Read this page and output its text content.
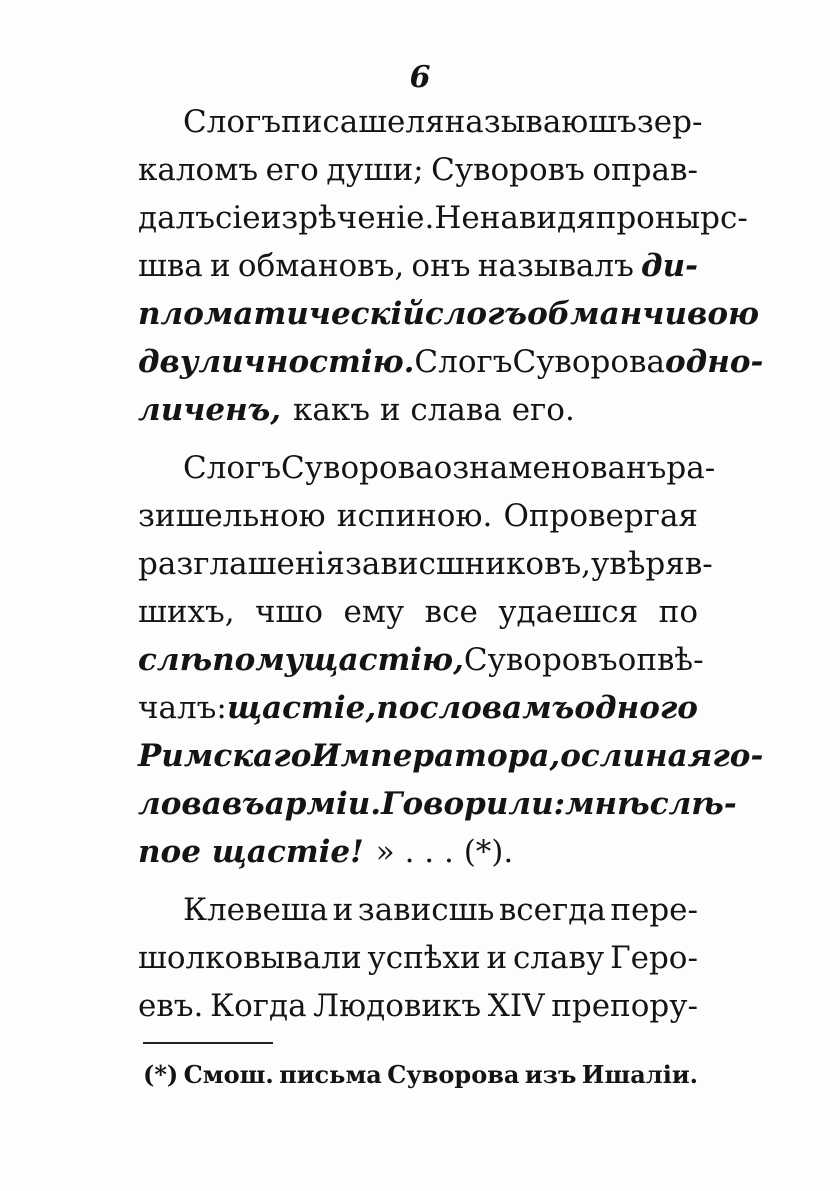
6
Слогъ писашеля называюшъ зер-
каломъ его души; Суворовъ оправ-
далъ сіе изрѣченіе. Ненавидя пронырс-
шва и обмановъ, онъ называлъ ди-
пломатическій слогъ обманчивою
двуличностію. Слогъ Суворова одно-
личенъ, какъ и слава его.
Слогъ Суворова ознаменованъ ра-
зишельною испиною. Опровергая
разглашенія зависшниковъ, увѣряв-
шихъ, чшо ему все удаешся по
слѣпому щастію, Суворовъ опвѣ-
чалъ: щастіе, по словамъ одного
Римскаго Императора, ослиная го-
лова въ арміи. Говорили: мнѣ слѣ-
пое щастіе! » . . . (*).
Клевеша и зависшь всегда пере-
шолковывали успѣхи и славу Геро-
евъ. Когда Людовикъ XIV препору-
(*) Смош. письма Суворова изъ Ишаліи.
